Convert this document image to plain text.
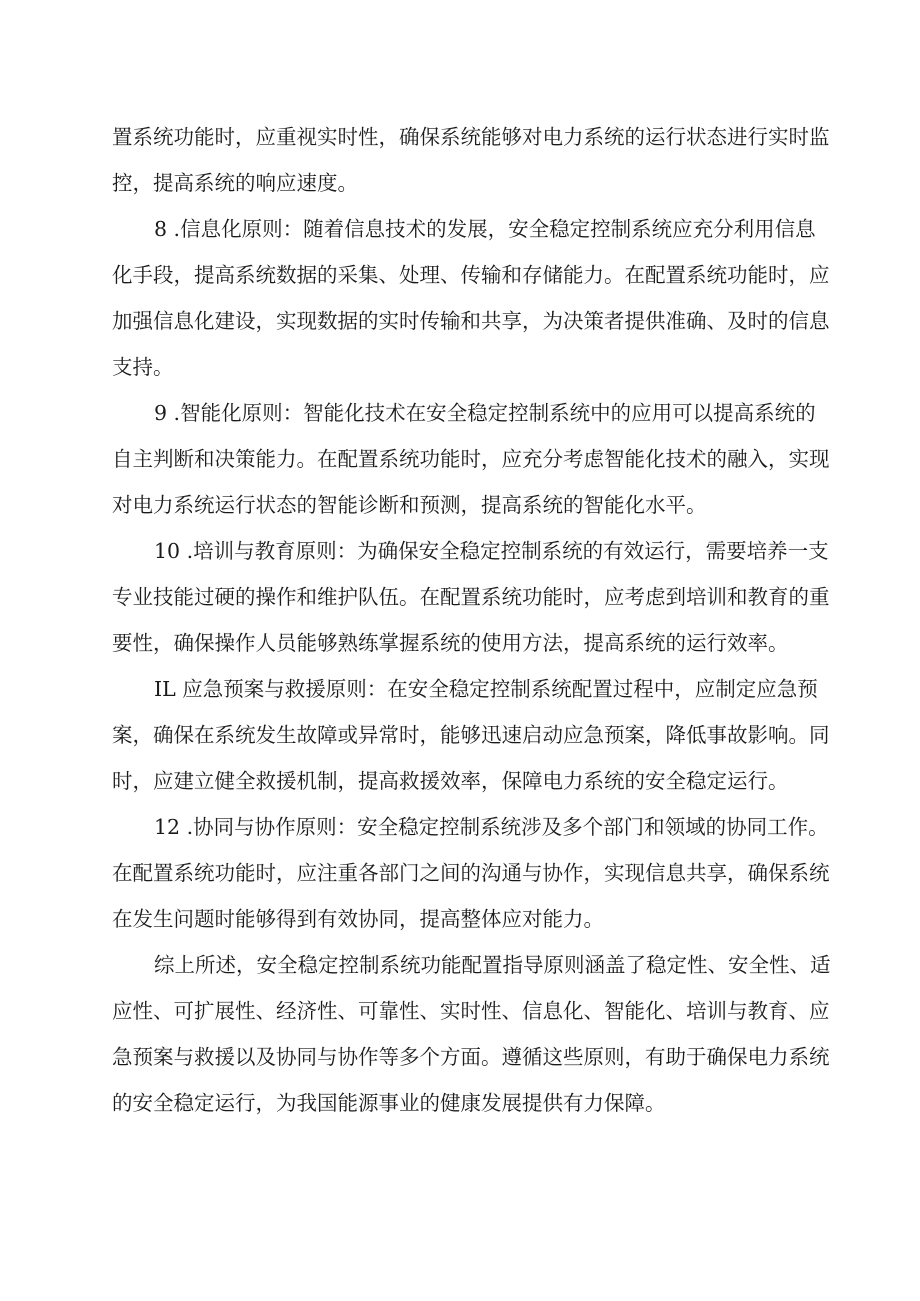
置系统功能时，应重视实时性，确保系统能够对电力系统的运行状态进行实时监
控，提高系统的响应速度。
8 .信息化原则：随着信息技术的发展，安全稳定控制系统应充分利用信息
化手段，提高系统数据的采集、处理、传输和存储能力。在配置系统功能时，应
加强信息化建设，实现数据的实时传输和共享，为决策者提供准确、及时的信息
支持。
9 .智能化原则：智能化技术在安全稳定控制系统中的应用可以提高系统的
自主判断和决策能力。在配置系统功能时，应充分考虑智能化技术的融入，实现
对电力系统运行状态的智能诊断和预测，提高系统的智能化水平。
10 .培训与教育原则：为确保安全稳定控制系统的有效运行，需要培养一支
专业技能过硬的操作和维护队伍。在配置系统功能时，应考虑到培训和教育的重
要性，确保操作人员能够熟练掌握系统的使用方法，提高系统的运行效率。
IL 应急预案与救援原则：在安全稳定控制系统配置过程中，应制定应急预
案，确保在系统发生故障或异常时，能够迅速启动应急预案，降低事故影响。同
时，应建立健全救援机制，提高救援效率，保障电力系统的安全稳定运行。
12 .协同与协作原则：安全稳定控制系统涉及多个部门和领域的协同工作。
在配置系统功能时，应注重各部门之间的沟通与协作，实现信息共享，确保系统
在发生问题时能够得到有效协同，提高整体应对能力。
综上所述，安全稳定控制系统功能配置指导原则涵盖了稳定性、安全性、适
应性、可扩展性、经济性、可靠性、实时性、信息化、智能化、培训与教育、应
急预案与救援以及协同与协作等多个方面。遵循这些原则，有助于确保电力系统
的安全稳定运行，为我国能源事业的健康发展提供有力保障。
